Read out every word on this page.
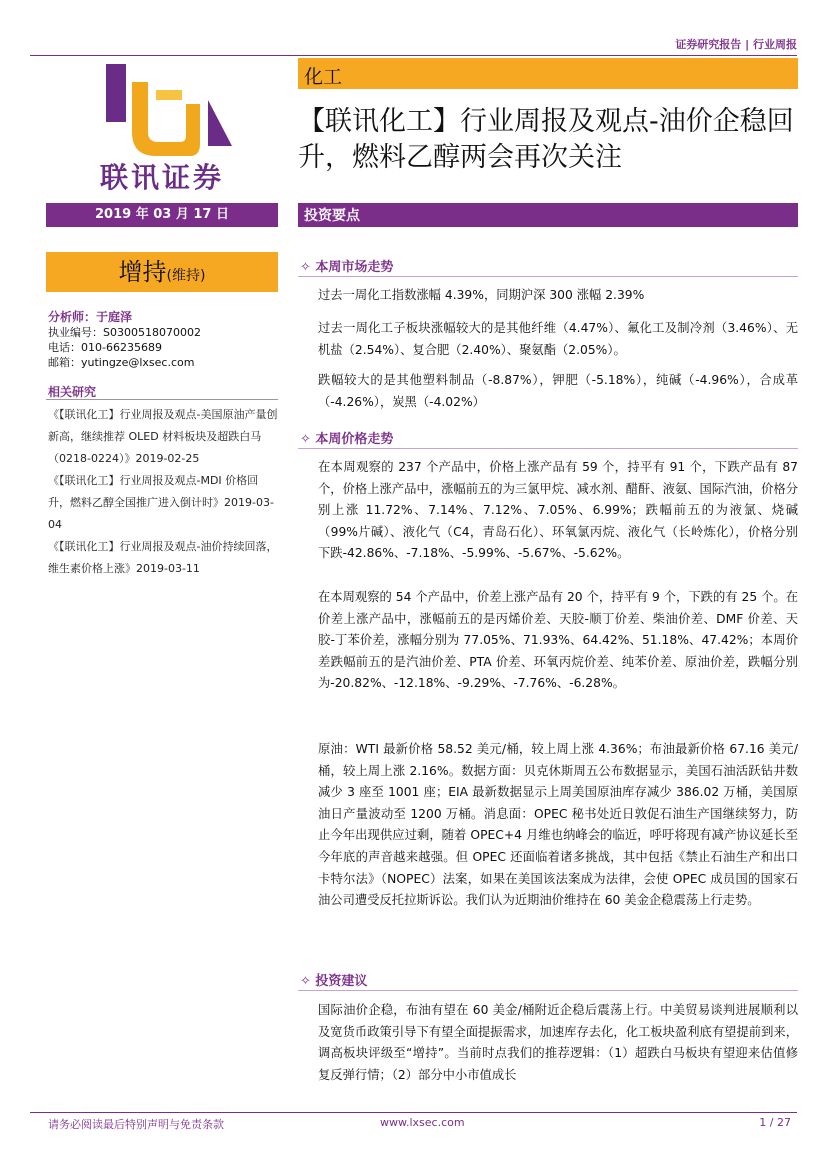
证券研究报告 | 行业周报
联讯证券
化工
【联讯化工】行业周报及观点-油价企稳回升，燃料乙醇两会再次关注
2019 年 03 月 17 日	投资要点
增持(维持)
分析师：于庭泽
执业编号：S0300518070002
电话：010-66235689
邮箱：yutingze@lxsec.com
相关研究
《【联讯化工】行业周报及观点-美国原油产量创新高，继续推荐 OLED 材料板块及超跌白马（0218-0224）》2019-02-25
《【联讯化工】行业周报及观点-MDI 价格回升，燃料乙醇全国推广进入倒计时》2019-03-04
《【联讯化工】行业周报及观点-油价持续回落，维生素价格上涨》2019-03-11
✧ 本周市场走势
过去一周化工指数涨幅 4.39%，同期沪深 300 涨幅 2.39%
过去一周化工子板块涨幅较大的是其他纤维（4.47%）、氟化工及制冷剂（3.46%）、无机盐（2.54%）、复合肥（2.40%）、聚氨酯（2.05%）。
跌幅较大的是其他塑料制品（-8.87%），钾肥（-5.18%），纯碱（-4.96%），合成革（-4.26%），炭黑（-4.02%）
✧ 本周价格走势
在本周观察的 237 个产品中，价格上涨产品有 59 个，持平有 91 个，下跌产品有 87 个，价格上涨产品中，涨幅前五的为三氯甲烷、减水剂、醋酐、液氨、国际汽油，价格分别上涨 11.72%、7.14%、7.12%、7.05%、6.99%；跌幅前五的为液氯、烧碱（99%片碱）、液化气（C4，青岛石化）、环氧氯丙烷、液化气（长岭炼化），价格分别下跌-42.86%、-7.18%、-5.99%、-5.67%、-5.62%。
在本周观察的 54 个产品中，价差上涨产品有 20 个，持平有 9 个，下跌的有 25 个。在价差上涨产品中，涨幅前五的是丙烯价差、天胶-顺丁价差、柴油价差、DMF 价差、天胶-丁苯价差，涨幅分别为 77.05%、71.93%、64.42%、51.18%、47.42%；本周价差跌幅前五的是汽油价差、PTA 价差、环氧丙烷价差、纯苯价差、原油价差，跌幅分别为-20.82%、-12.18%、-9.29%、-7.76%、-6.28%。
原油：WTI 最新价格 58.52 美元/桶，较上周上涨 4.36%；布油最新价格 67.16 美元/桶，较上周上涨 2.16%。数据方面：贝克休斯周五公布数据显示，美国石油活跃钻井数减少 3 座至 1001 座；EIA 最新数据显示上周美国原油库存减少 386.02 万桶，美国原油日产量波动至 1200 万桶。消息面：OPEC 秘书处近日敦促石油生产国继续努力，防止今年出现供应过剩，随着 OPEC+4 月维也纳峰会的临近，呼吁将现有减产协议延长至今年底的声音越来越强。但 OPEC 还面临着诸多挑战，其中包括《禁止石油生产和出口卡特尔法》（NOPEC）法案，如果在美国该法案成为法律，会使 OPEC 成员国的国家石油公司遭受反托拉斯诉讼。我们认为近期油价维持在 60 美金企稳震荡上行走势。
✧ 投资建议
国际油价企稳，布油有望在 60 美金/桶附近企稳后震荡上行。中美贸易谈判进展顺利以及宽货币政策引导下有望全面提振需求，加速库存去化，化工板块盈利底有望提前到来，调高板块评级至“增持”。当前时点我们的推荐逻辑：（1）超跌白马板块有望迎来估值修复反弹行情；（2）部分中小市值成长
请务必阅读最后特别声明与免责条款	www.lxsec.com	1 / 27
